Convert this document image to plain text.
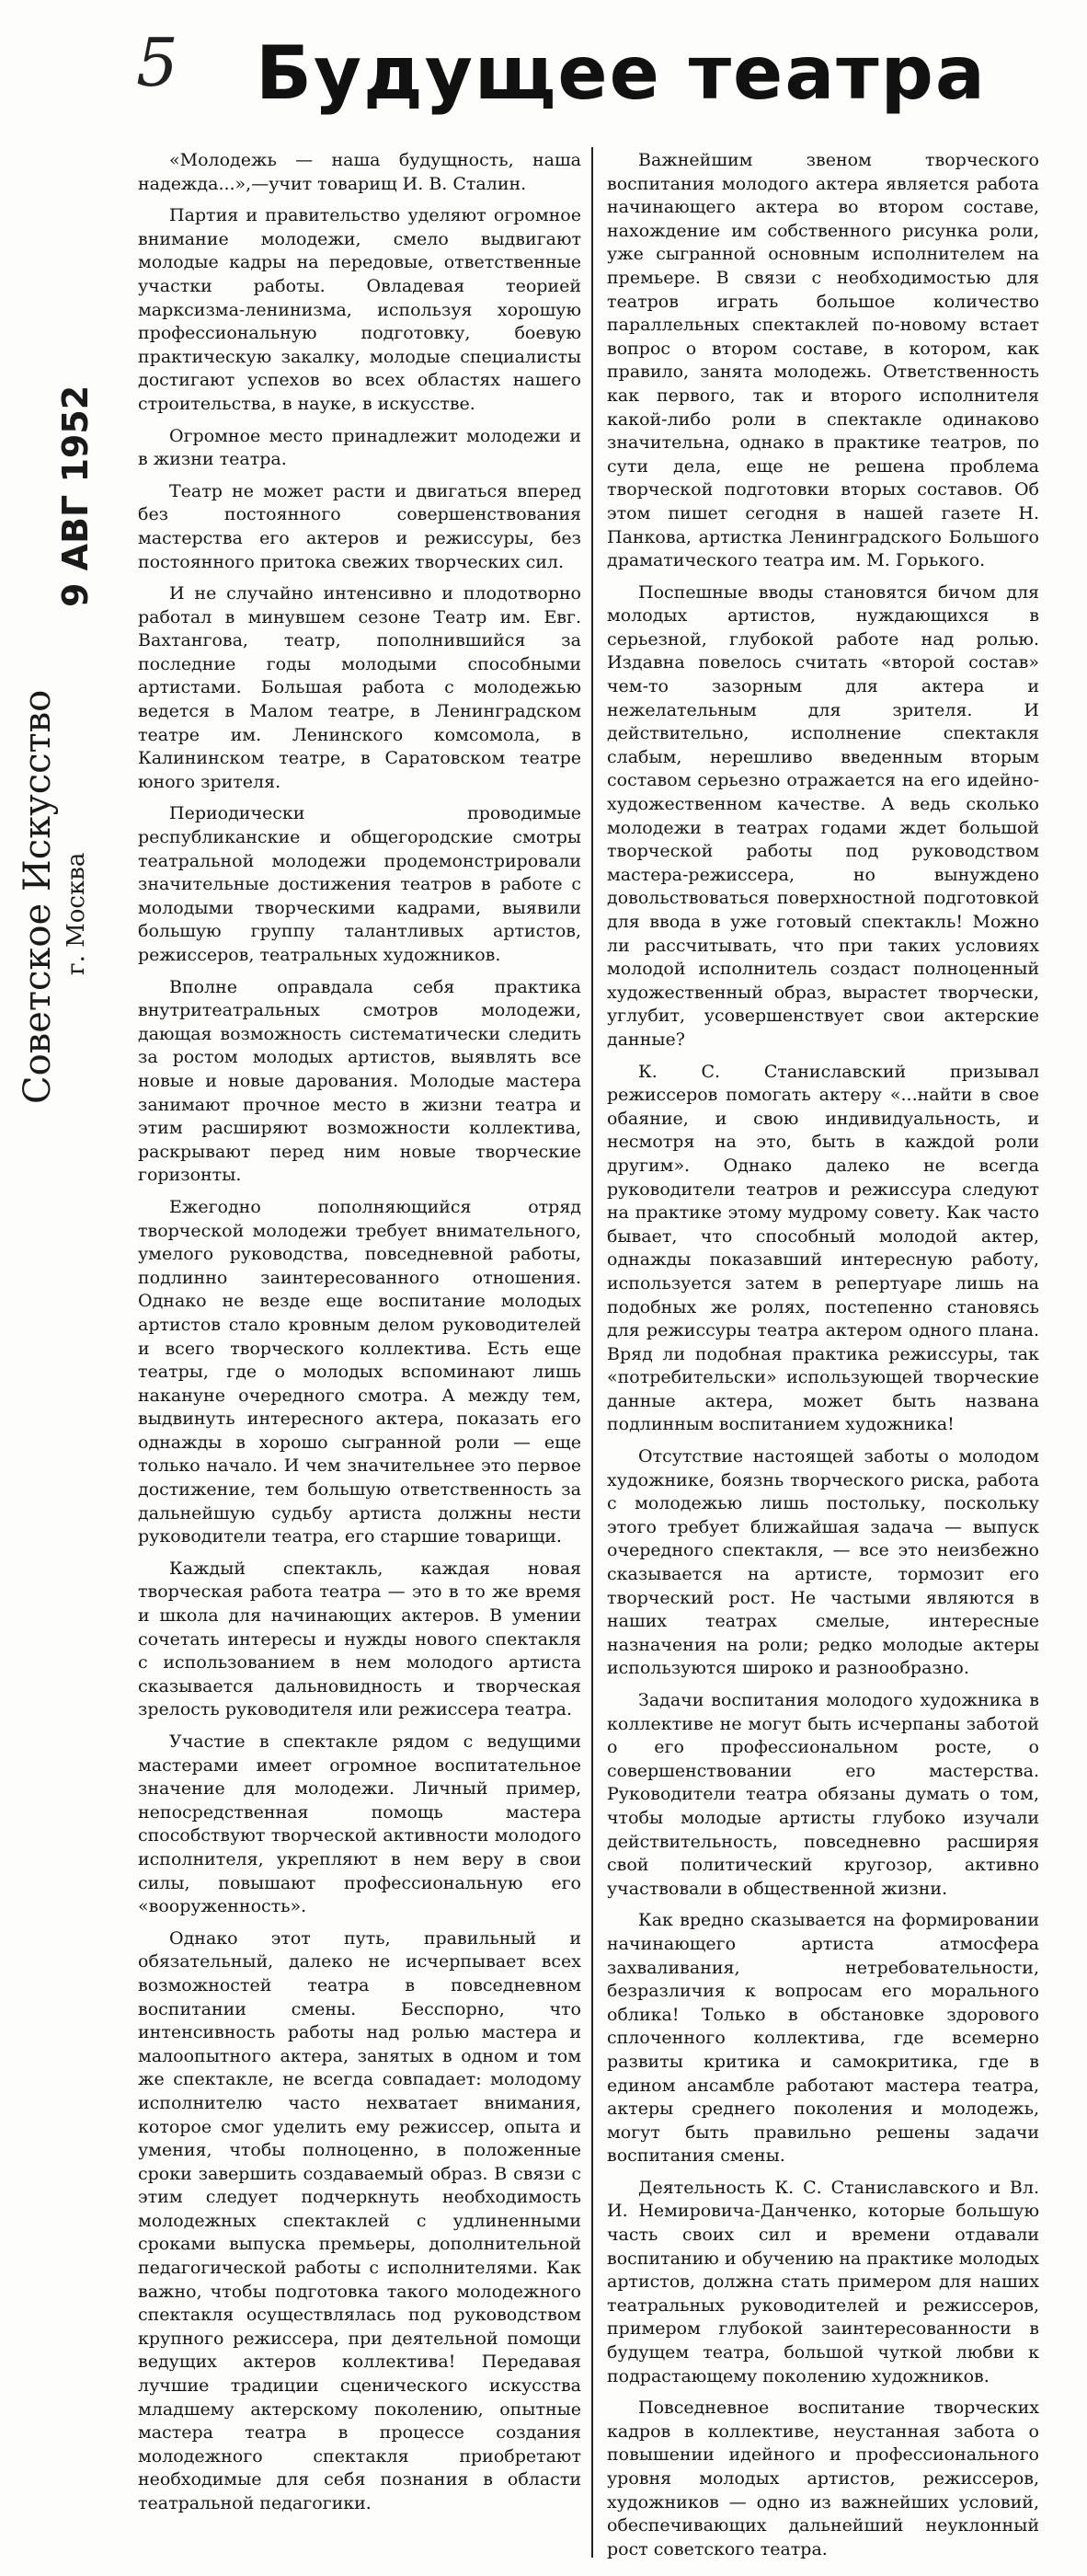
5 Будущее театра
9 АВГ 1952
Советское Искусство г. Москва

«Молодежь — наша будущность, наша надежда...»,—учит товарищ И. В. Сталин.

Партия и правительство уделяют огромное внимание молодежи, смело выдвигают молодые кадры на передовые, ответственные участки работы. Овладевая теорией марксизма-ленинизма, используя хорошую профессиональную подготовку, боевую практическую закалку, молодые специалисты достигают успехов во всех областях нашего строительства, в науке, в искусстве.

Огромное место принадлежит молодежи и в жизни театра.

Театр не может расти и двигаться вперед без постоянного совершенствования мастерства его актеров и режиссуры, без постоянного притока свежих творческих сил.

И не случайно интенсивно и плодотворно работал в минувшем сезоне Театр им. Евг. Вахтангова, театр, пополнившийся за последние годы молодыми способными артистами. Большая работа с молодежью ведется в Малом театре, в Ленинградском театре им. Ленинского комсомола, в Калининском театре, в Саратовском театре юного зрителя.

Периодически проводимые республиканские и общегородские смотры театральной молодежи продемонстрировали значительные достижения театров в работе с молодыми творческими кадрами, выявили большую группу талантливых артистов, режиссеров, театральных художников.

Вполне оправдала себя практика внутритеатральных смотров молодежи, дающая возможность систематически следить за ростом молодых артистов, выявлять все новые и новые дарования. Молодые мастера занимают прочное место в жизни театра и этим расширяют возможности коллектива, раскрывают перед ним новые творческие горизонты.

Ежегодно пополняющийся отряд творческой молодежи требует внимательного, умелого руководства, повседневной работы, подлинно заинтересованного отношения. Однако не везде еще воспитание молодых артистов стало кровным делом руководителей и всего творческого коллектива. Есть еще театры, где о молодых вспоминают лишь накануне очередного смотра. А между тем, выдвинуть интересного актера, показать его однажды в хорошо сыгранной роли — еще только начало. И чем значительнее это первое достижение, тем большую ответственность за дальнейшую судьбу артиста должны нести руководители театра, его старшие товарищи.

Каждый спектакль, каждая новая творческая работа театра — это в то же время и школа для начинающих актеров. В умении сочетать интересы и нужды нового спектакля с использованием в нем молодого артиста сказывается дальновидность и творческая зрелость руководителя или режиссера театра.

Участие в спектакле рядом с ведущими мастерами имеет огромное воспитательное значение для молодежи. Личный пример, непосредственная помощь мастера способствуют творческой активности молодого исполнителя, укрепляют в нем веру в свои силы, повышают профессиональную его «вооруженность».

Однако этот путь, правильный и обязательный, далеко не исчерпывает всех возможностей театра в повседневном воспитании смены. Бесспорно, что интенсивность работы над ролью мастера и малоопытного актера, занятых в одном и том же спектакле, не всегда совпадает: молодому исполнителю часто нехватает внимания, которое смог уделить ему режиссер, опыта и умения, чтобы полноценно, в положенные сроки завершить создаваемый образ. В связи с этим следует подчеркнуть необходимость молодежных спектаклей с удлиненными сроками выпуска премьеры, дополнительной педагогической работы с исполнителями. Как важно, чтобы подготовка такого молодежного спектакля осуществлялась под руководством крупного режиссера, при деятельной помощи ведущих актеров коллектива! Передавая лучшие традиции сценического искусства младшему актерскому поколению, опытные мастера театра в процессе создания молодежного спектакля приобретают необходимые для себя познания в области театральной педагогики.

Важнейшим звеном творческого воспитания молодого актера является работа начинающего актера во втором составе, нахождение им собственного рисунка роли, уже сыгранной основным исполнителем на премьере. В связи с необходимостью для театров играть большое количество параллельных спектаклей по-новому встает вопрос о втором составе, в котором, как правило, занята молодежь. Ответственность как первого, так и второго исполнителя какой-либо роли в спектакле одинаково значительна, однако в практике театров, по сути дела, еще не решена проблема творческой подготовки вторых составов. Об этом пишет сегодня в нашей газете Н. Панкова, артистка Ленинградского Большого драматического театра им. М. Горького.

Поспешные вводы становятся бичом для молодых артистов, нуждающихся в серьезной, глубокой работе над ролью. Издавна повелось считать «второй состав» чем-то зазорным для актера и нежелательным для зрителя. И действительно, исполнение спектакля слабым, нерешливо введенным вторым составом серьезно отражается на его идейно-художественном качестве. А ведь сколько молодежи в театрах годами ждет большой творческой работы под руководством мастера-режиссера, но вынуждено довольствоваться поверхностной подготовкой для ввода в уже готовый спектакль! Можно ли рассчитывать, что при таких условиях молодой исполнитель создаст полноценный художественный образ, вырастет творчески, углубит, усовершенствует свои актерские данные?

К. С. Станиславский призывал режиссеров помогать актеру «...найти в свое обаяние, и свою индивидуальность, и несмотря на это, быть в каждой роли другим». Однако далеко не всегда руководители театров и режиссура следуют на практике этому мудрому совету. Как часто бывает, что способный молодой актер, однажды показавший интересную работу, используется затем в репертуаре лишь на подобных же ролях, постепенно становясь для режиссуры театра актером одного плана. Вряд ли подобная практика режиссуры, так «потребительски» использующей творческие данные актера, может быть названа подлинным воспитанием художника!

Отсутствие настоящей заботы о молодом художнике, боязнь творческого риска, работа с молодежью лишь постольку, поскольку этого требует ближайшая задача — выпуск очередного спектакля, — все это неизбежно сказывается на артисте, тормозит его творческий рост. Не частыми являются в наших театрах смелые, интересные назначения на роли; редко молодые актеры используются широко и разнообразно.

Задачи воспитания молодого художника в коллективе не могут быть исчерпаны заботой о его профессиональном росте, о совершенствовании его мастерства. Руководители театра обязаны думать о том, чтобы молодые артисты глубоко изучали действительность, повседневно расширяя свой политический кругозор, активно участвовали в общественной жизни.

Как вредно сказывается на формировании начинающего артиста атмосфера захваливания, нетребовательности, безразличия к вопросам его морального облика! Только в обстановке здорового сплоченного коллектива, где всемерно развиты критика и самокритика, где в едином ансамбле работают мастера театра, актеры среднего поколения и молодежь, могут быть правильно решены задачи воспитания смены.

Деятельность К. С. Станиславского и Вл. И. Немировича-Данченко, которые большую часть своих сил и времени отдавали воспитанию и обучению на практике молодых артистов, должна стать примером для наших театральных руководителей и режиссеров, примером глубокой заинтересованности в будущем театра, большой чуткой любви к подрастающему поколению художников.

Повседневное воспитание творческих кадров в коллективе, неустанная забота о повышении идейного и профессионального уровня молодых артистов, режиссеров, художников — одно из важнейших условий, обеспечивающих дальнейший неуклонный рост советского театра.
